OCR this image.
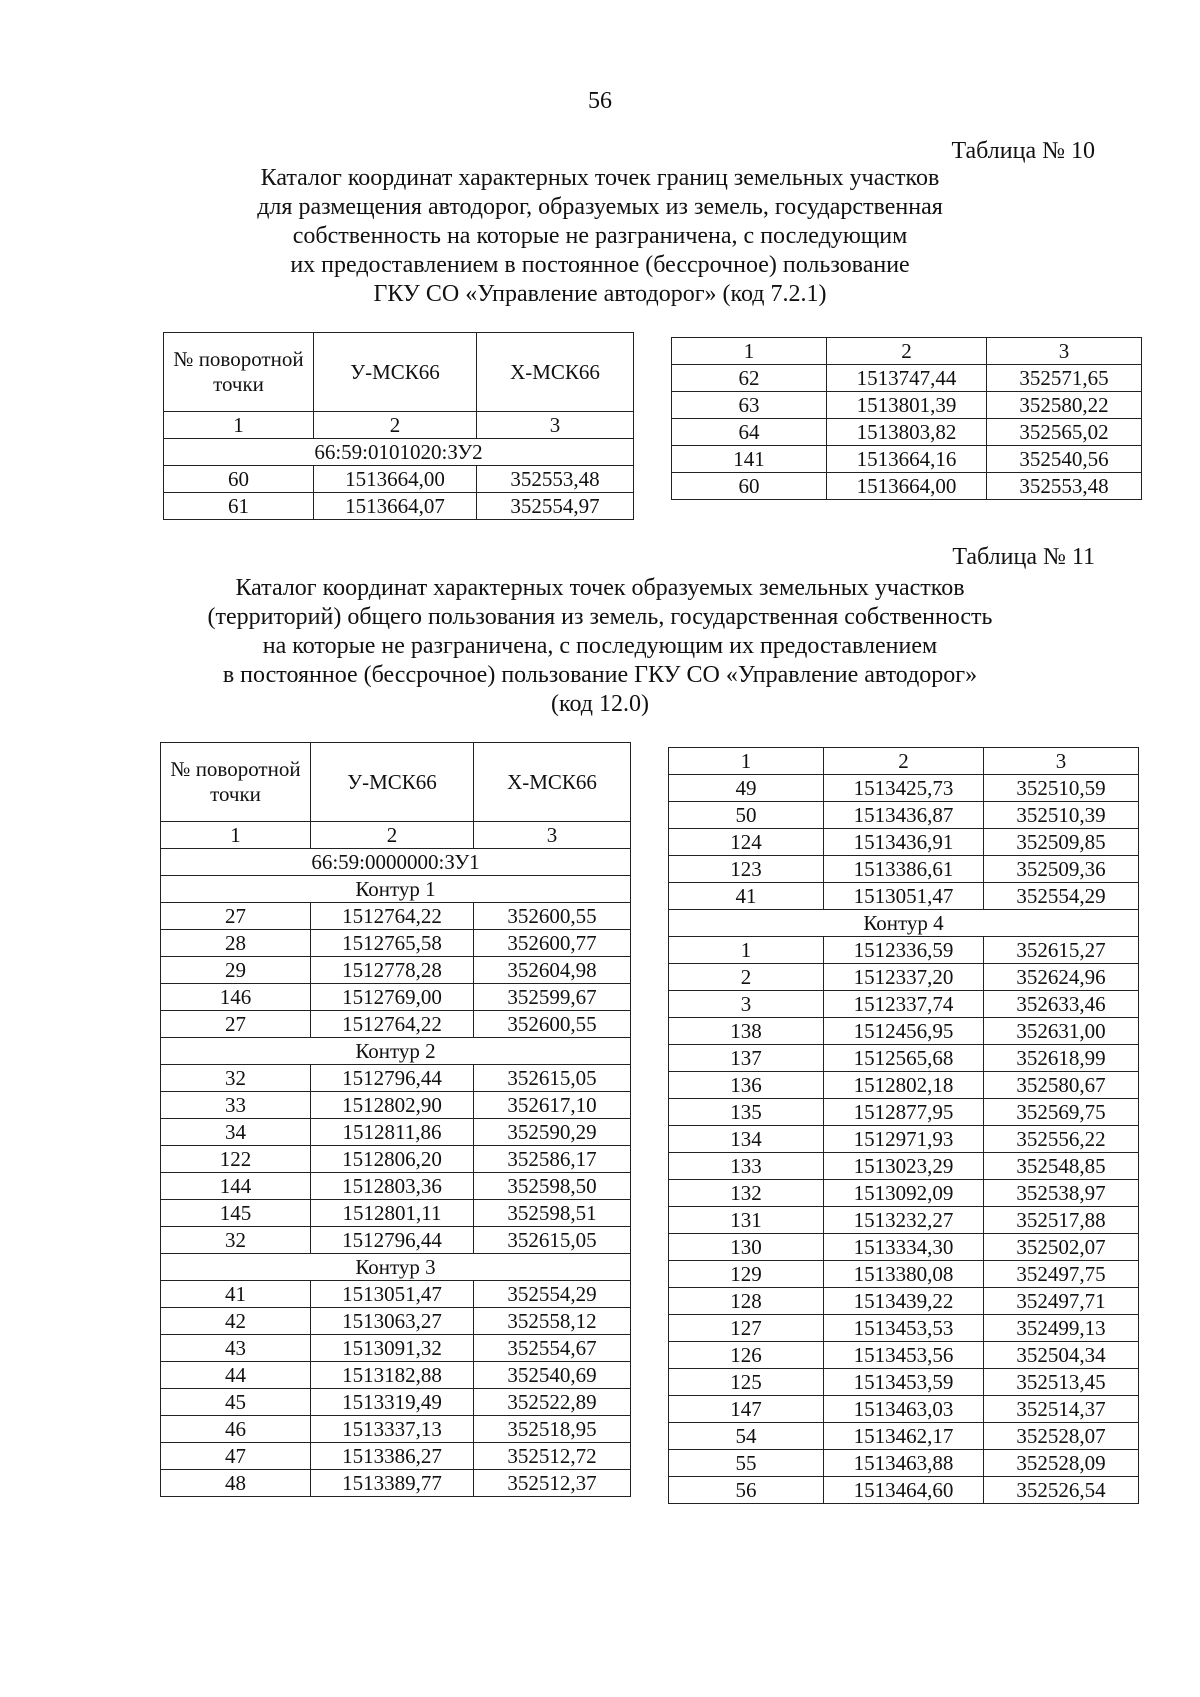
56
Таблица № 10
Каталог координат характерных точек границ земельных участков
для размещения автодорог, образуемых из земель, государственная
собственность на которые не разграничена, с последующим
их предоставлением в постоянное (бессрочное) пользование
ГКУ СО «Управление автодорог» (код 7.2.1)
№ поворотной точки	У-МСК66	Х-МСК66
1	2	3
66:59:0101020:ЗУ2		
60	1513664,00	352553,48
61	1513664,07	352554,97
1	2	3
62	1513747,44	352571,65
63	1513801,39	352580,22
64	1513803,82	352565,02
141	1513664,16	352540,56
60	1513664,00	352553,48
Таблица № 11
Каталог координат характерных точек образуемых земельных участков
(территорий) общего пользования из земель, государственная собственность
на которые не разграничена, с последующим их предоставлением
в постоянное (бессрочное) пользование ГКУ СО «Управление автодорог»
(код 12.0)
№ поворотной точки	У-МСК66	Х-МСК66
1	2	3
66:59:0000000:ЗУ1		
Контур 1		
27	1512764,22	352600,55
28	1512765,58	352600,77
29	1512778,28	352604,98
146	1512769,00	352599,67
27	1512764,22	352600,55
Контур 2		
32	1512796,44	352615,05
33	1512802,90	352617,10
34	1512811,86	352590,29
122	1512806,20	352586,17
144	1512803,36	352598,50
145	1512801,11	352598,51
32	1512796,44	352615,05
Контур 3		
41	1513051,47	352554,29
42	1513063,27	352558,12
43	1513091,32	352554,67
44	1513182,88	352540,69
45	1513319,49	352522,89
46	1513337,13	352518,95
47	1513386,27	352512,72
48	1513389,77	352512,37
1	2	3
49	1513425,73	352510,59
50	1513436,87	352510,39
124	1513436,91	352509,85
123	1513386,61	352509,36
41	1513051,47	352554,29
Контур 4		
1	1512336,59	352615,27
2	1512337,20	352624,96
3	1512337,74	352633,46
138	1512456,95	352631,00
137	1512565,68	352618,99
136	1512802,18	352580,67
135	1512877,95	352569,75
134	1512971,93	352556,22
133	1513023,29	352548,85
132	1513092,09	352538,97
131	1513232,27	352517,88
130	1513334,30	352502,07
129	1513380,08	352497,75
128	1513439,22	352497,71
127	1513453,53	352499,13
126	1513453,56	352504,34
125	1513453,59	352513,45
147	1513463,03	352514,37
54	1513462,17	352528,07
55	1513463,88	352528,09
56	1513464,60	352526,54
